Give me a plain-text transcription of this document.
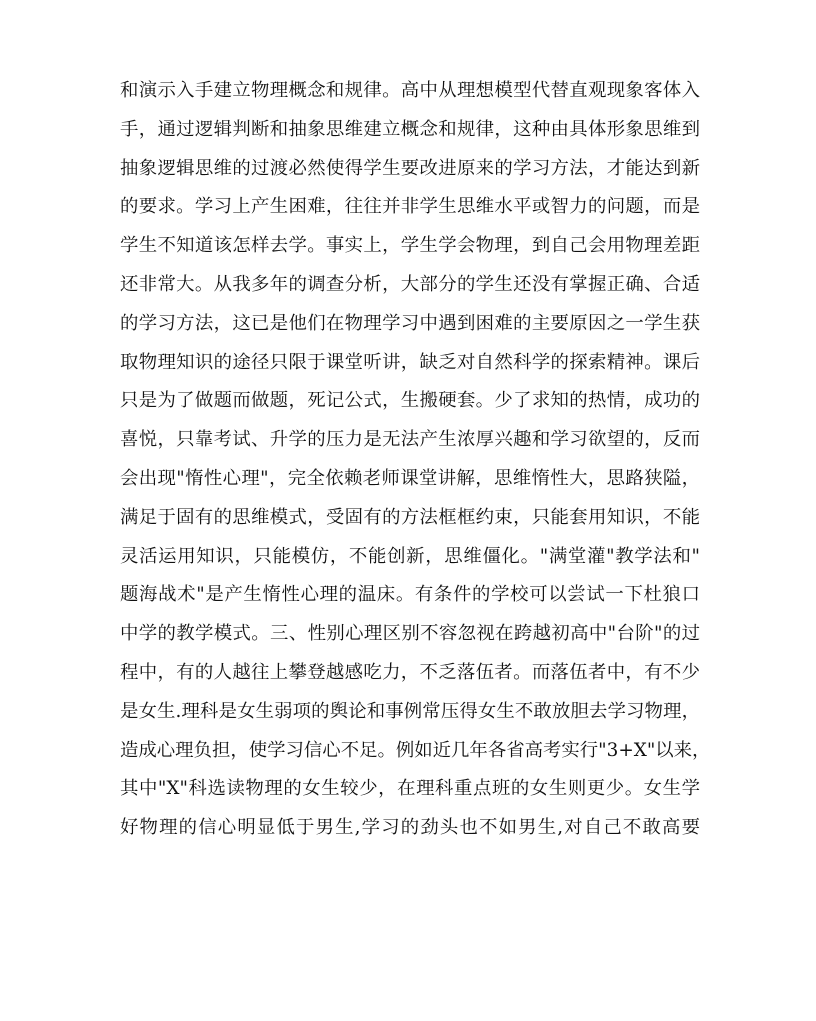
和演示入手建立物理概念和规律。高中从理想模型代替直观现象客体入
手，通过逻辑判断和抽象思维建立概念和规律，这种由具体形象思维到
抽象逻辑思维的过渡必然使得学生要改进原来的学习方法，才能达到新
的要求。学习上产生困难，往往并非学生思维水平或智力的问题，而是
学生不知道该怎样去学。事实上，学生学会物理，到自己会用物理差距
还非常大。从我多年的调查分析，大部分的学生还没有掌握正确、合适
的学习方法，这已是他们在物理学习中遇到困难的主要原因之一学生获
取物理知识的途径只限于课堂听讲，缺乏对自然科学的探索精神。课后
只是为了做题而做题，死记公式，生搬硬套。少了求知的热情，成功的
喜悦，只靠考试、升学的压力是无法产生浓厚兴趣和学习欲望的，反而
会出现"惰性心理"，完全依赖老师课堂讲解，思维惰性大，思路狭隘，
满足于固有的思维模式，受固有的方法框框约束，只能套用知识，不能
灵活运用知识，只能模仿，不能创新，思维僵化。"满堂灌"教学法和"
题海战术"是产生惰性心理的温床。有条件的学校可以尝试一下杜狼口
中学的教学模式。三、性别心理区别不容忽视在跨越初高中"台阶"的过
程中，有的人越往上攀登越感吃力，不乏落伍者。而落伍者中，有不少
是女生.理科是女生弱项的舆论和事例常压得女生不敢放胆去学习物理，
造成心理负担，使学习信心不足。例如近几年各省高考实行"3+X"以来，
其中"X"科选读物理的女生较少，在理科重点班的女生则更少。女生学
好物理的信心明显低于男生,学习的劲头也不如男生,对自己不敢高要
